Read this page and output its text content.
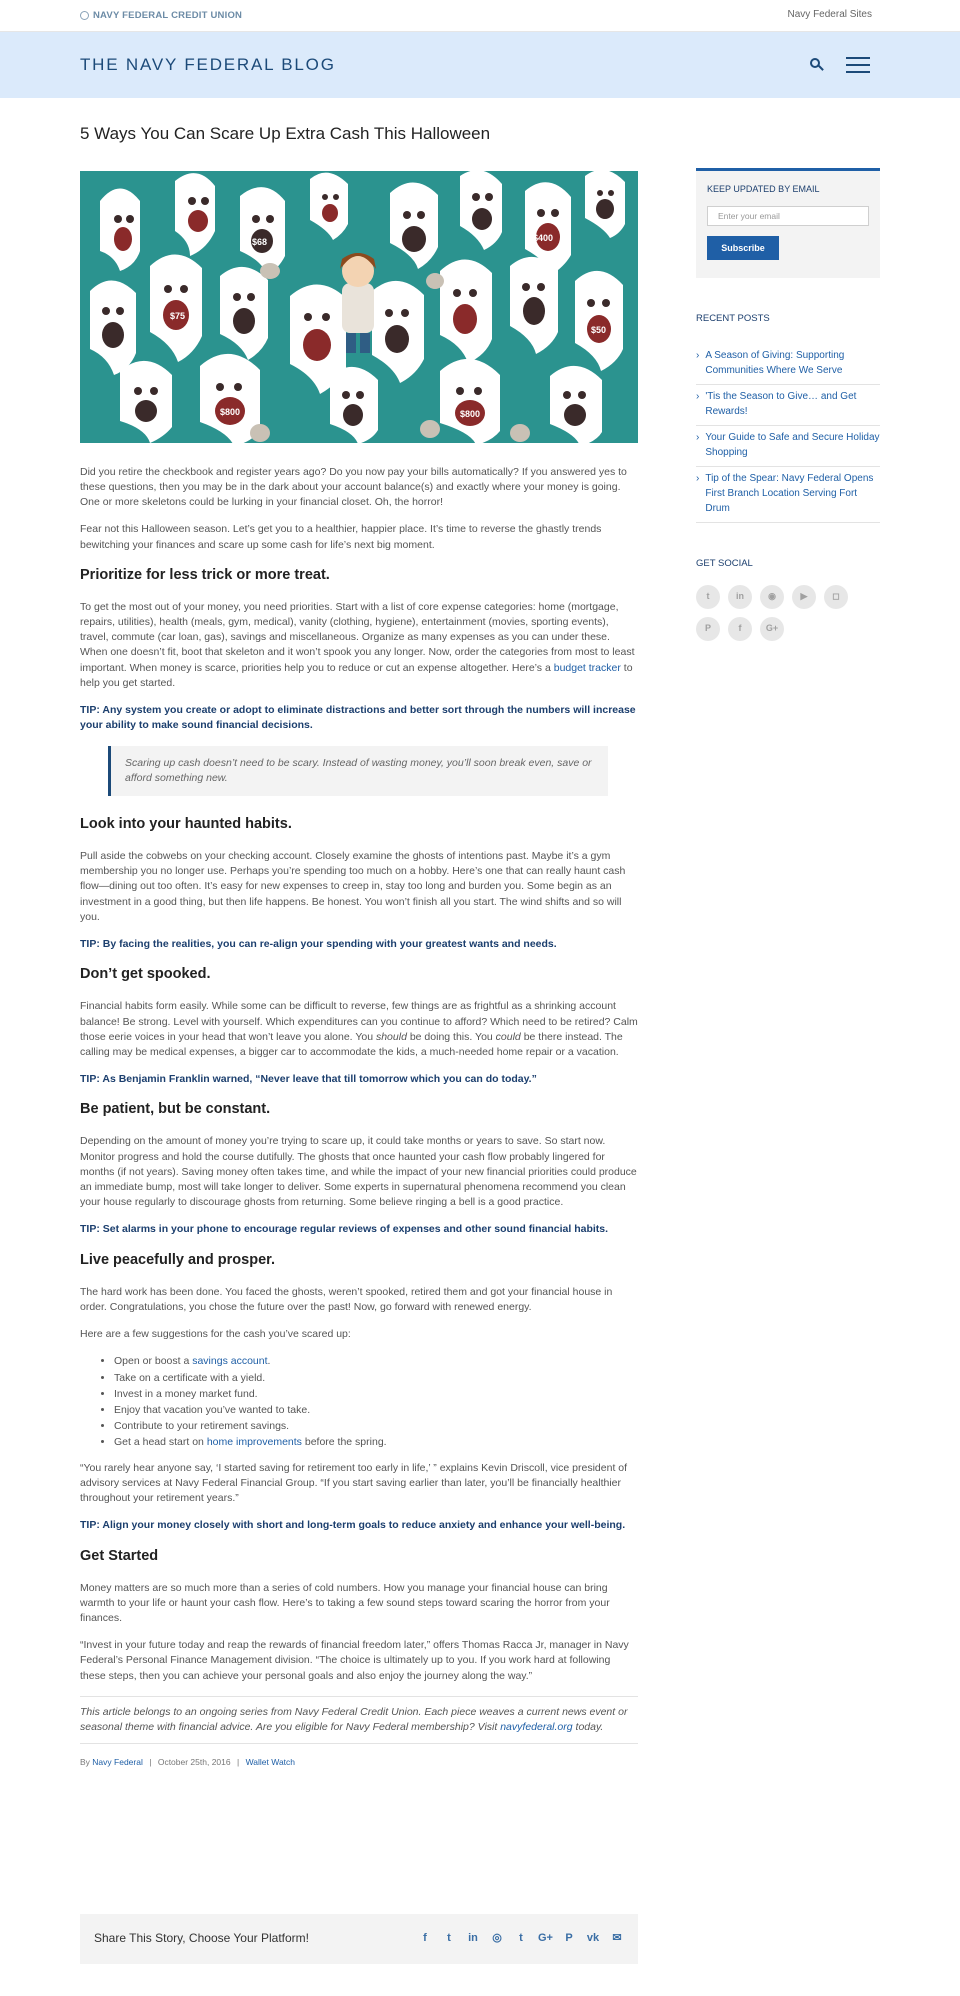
NAVY FEDERAL CREDIT UNION	Navy Federal Sites
THE NAVY FEDERAL BLOG
5 Ways You Can Scare Up Extra Cash This Halloween
$68	$400
$75
$800
$50
$800

Did you retire the checkbook and register years ago? Do you now pay your bills automatically? If you answered yes to these questions, then you may be in the dark about your account balance(s) and exactly where your money is going. One or more skeletons could be lurking in your financial closet. Oh, the horror!

Fear not this Halloween season. Let’s get you to a healthier, happier place. It’s time to reverse the ghastly trends bewitching your finances and scare up some cash for life’s next big moment.

Prioritize for less trick or more treat.

To get the most out of your money, you need priorities. Start with a list of core expense categories: home (mortgage, repairs, utilities), health (meals, gym, medical), vanity (clothing, hygiene), entertainment (movies, sporting events), travel, commute (car loan, gas), savings and miscellaneous. Organize as many expenses as you can under these. When one doesn’t fit, boot that skeleton and it won’t spook you any longer. Now, order the categories from most to least important. When money is scarce, priorities help you to reduce or cut an expense altogether. Here’s a budget tracker to help you get started.

TIP: Any system you create or adopt to eliminate distractions and better sort through the numbers will increase your ability to make sound financial decisions.

Scaring up cash doesn’t need to be scary. Instead of wasting money, you’ll soon break even, save or afford something new.

Look into your haunted habits.

Pull aside the cobwebs on your checking account. Closely examine the ghosts of intentions past. Maybe it’s a gym membership you no longer use. Perhaps you’re spending too much on a hobby. Here’s one that can really haunt cash flow—dining out too often. It’s easy for new expenses to creep in, stay too long and burden you. Some begin as an investment in a good thing, but then life happens. Be honest. You won’t finish all you start. The wind shifts and so will you.

TIP: By facing the realities, you can re-align your spending with your greatest wants and needs.

Don’t get spooked.

Financial habits form easily. While some can be difficult to reverse, few things are as frightful as a shrinking account balance! Be strong. Level with yourself. Which expenditures can you continue to afford? Which need to be retired? Calm those eerie voices in your head that won’t leave you alone. You should be doing this. You could be there instead. The calling may be medical expenses, a bigger car to accommodate the kids, a much-needed home repair or a vacation.

TIP: As Benjamin Franklin warned, “Never leave that till tomorrow which you can do today.”

Be patient, but be constant.

Depending on the amount of money you’re trying to scare up, it could take months or years to save. So start now. Monitor progress and hold the course dutifully. The ghosts that once haunted your cash flow probably lingered for months (if not years). Saving money often takes time, and while the impact of your new financial priorities could produce an immediate bump, most will take longer to deliver. Some experts in supernatural phenomena recommend you clean your house regularly to discourage ghosts from returning. Some believe ringing a bell is a good practice.

TIP: Set alarms in your phone to encourage regular reviews of expenses and other sound financial habits.

Live peacefully and prosper.

The hard work has been done. You faced the ghosts, weren’t spooked, retired them and got your financial house in order. Congratulations, you chose the future over the past! Now, go forward with renewed energy.

Here are a few suggestions for the cash you’ve scared up:

• Open or boost a savings account.
• Take on a certificate with a yield.
• Invest in a money market fund.
• Enjoy that vacation you’ve wanted to take.
• Contribute to your retirement savings.
• Get a head start on home improvements before the spring.

“You rarely hear anyone say, ‘I started saving for retirement too early in life,’ ” explains Kevin Driscoll, vice president of advisory services at Navy Federal Financial Group. “If you start saving earlier than later, you’ll be financially healthier throughout your retirement years.”

TIP: Align your money closely with short and long-term goals to reduce anxiety and enhance your well-being.

Get Started

Money matters are so much more than a series of cold numbers. How you manage your financial house can bring warmth to your life or haunt your cash flow. Here’s to taking a few sound steps toward scaring the horror from your finances.

“Invest in your future today and reap the rewards of financial freedom later,” offers Thomas Racca Jr, manager in Navy Federal’s Personal Finance Management division. “The choice is ultimately up to you. If you work hard at following these steps, then you can achieve your personal goals and also enjoy the journey along the way.”

This article belongs to an ongoing series from Navy Federal Credit Union. Each piece weaves a current news event or seasonal theme with financial advice. Are you eligible for Navy Federal membership? Visit navyfederal.org today.

By Navy Federal | October 25th, 2016 | Wallet Watch
Share This Story, Choose Your Platform!	f	t	in ◎	t	G+	P	vk ✉
KEEP UPDATED BY EMAIL
Enter your email Subscribe
RECENT POSTS
› A Season of Giving: Supporting Communities Where We Serve
› 'Tis the Season to Give… and Get Rewards!
› Your Guide to Safe and Secure Holiday Shopping
› Tip of the Spear: Navy Federal Opens First Branch Location Serving Fort Drum
GET SOCIAL
t	in	◉	▶	◻
P	f	G+
